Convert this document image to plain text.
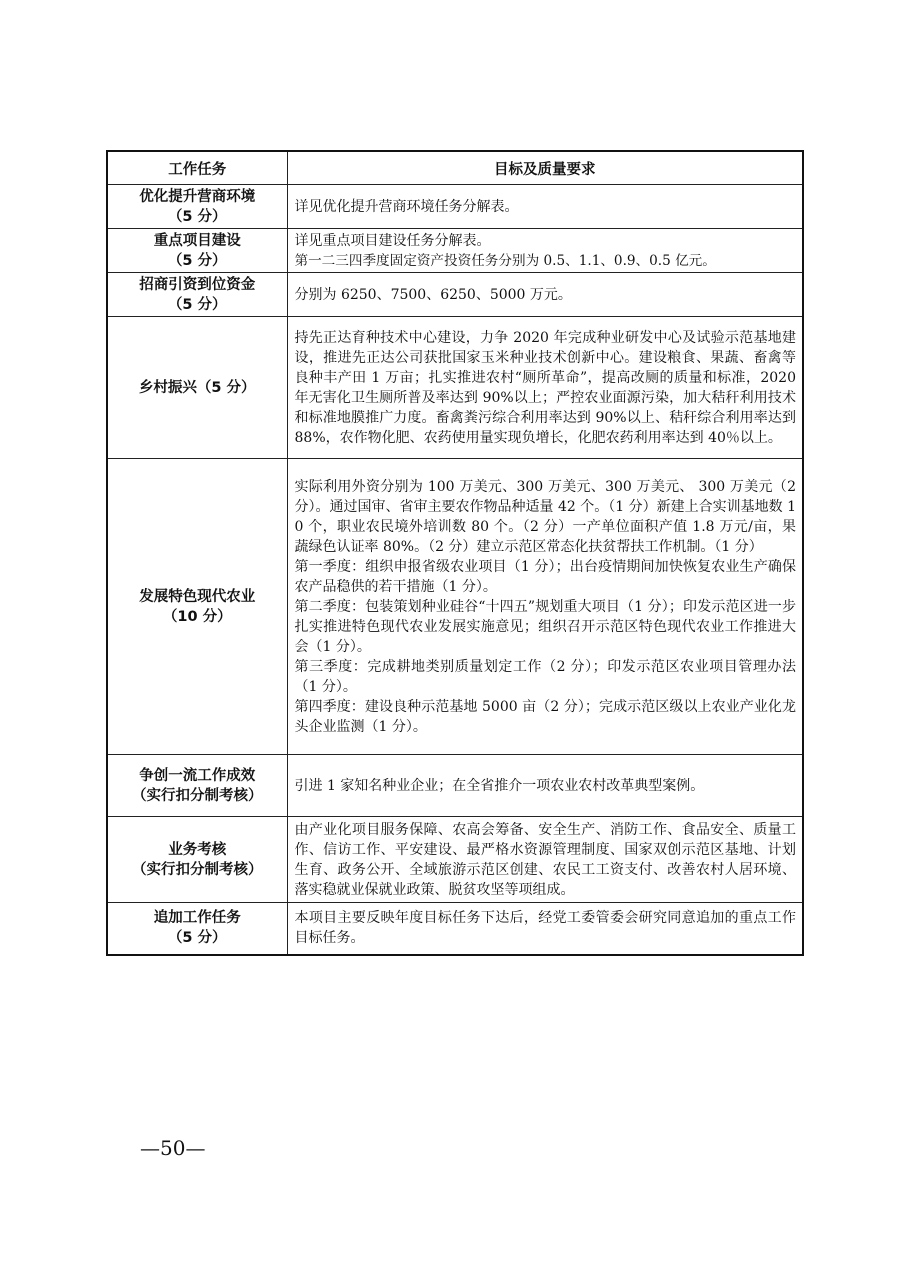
工作任务	目标及质量要求

优化提升营商环境
（5 分）	详见优化提升营商环境任务分解表。

重点项目建设
（5 分）	详见重点项目建设任务分解表。
第一二三四季度固定资产投资任务分别为 0.5、1.1、0.9、0.5 亿元。

招商引资到位资金
（5 分）	分别为 6250、7500、6250、5000 万元。

乡村振兴（5 分）	持先正达育种技术中心建设，力争 2020 年完成种业研发中心及试验示范基地建设，推进先正达公司获批国家玉米种业技术创新中心。建设粮食、果蔬、畜禽等良种丰产田 1 万亩；扎实推进农村“厕所革命”，提高改厕的质量和标准，2020 年无害化卫生厕所普及率达到 90%以上；严控农业面源污染，加大秸秆利用技术和标准地膜推广力度。畜禽粪污综合利用率达到 90%以上、秸秆综合利用率达到 88%，农作物化肥、农药使用量实现负增长，化肥农药利用率达到 40％以上。

发展特色现代农业
（10 分）	实际利用外资分别为 100 万美元、300 万美元、300 万美元、 300 万美元（2 分）。通过国审、省审主要农作物品种适量 42 个。（1 分）新建上合实训基地数 10 个，职业农民境外培训数 80 个。（2 分）一产单位面积产值 1.8 万元/亩，果蔬绿色认证率 80%。（2 分）建立示范区常态化扶贫帮扶工作机制。（1 分）
第一季度：组织申报省级农业项目（1 分）；出台疫情期间加快恢复农业生产确保农产品稳供的若干措施（1 分）。
第二季度：包装策划种业硅谷“十四五”规划重大项目（1 分）；印发示范区进一步扎实推进特色现代农业发展实施意见；组织召开示范区特色现代农业工作推进大会（1 分）。
第三季度：完成耕地类别质量划定工作（2 分）；印发示范区农业项目管理办法（1 分）。
第四季度：建设良种示范基地 5000 亩（2 分）；完成示范区级以上农业产业化龙头企业监测（1 分）。

争创一流工作成效
（实行扣分制考核）	引进 1 家知名种业企业；在全省推介一项农业农村改革典型案例。

业务考核
（实行扣分制考核）	由产业化项目服务保障、农高会筹备、安全生产、消防工作、食品安全、质量工作、信访工作、平安建设、最严格水资源管理制度、国家双创示范区基地、计划生育、政务公开、全域旅游示范区创建、农民工工资支付、改善农村人居环境、落实稳就业保就业政策、脱贫攻坚等项组成。

追加工作任务
（5 分）	本项目主要反映年度目标任务下达后，经党工委管委会研究同意追加的重点工作目标任务。
—50—
